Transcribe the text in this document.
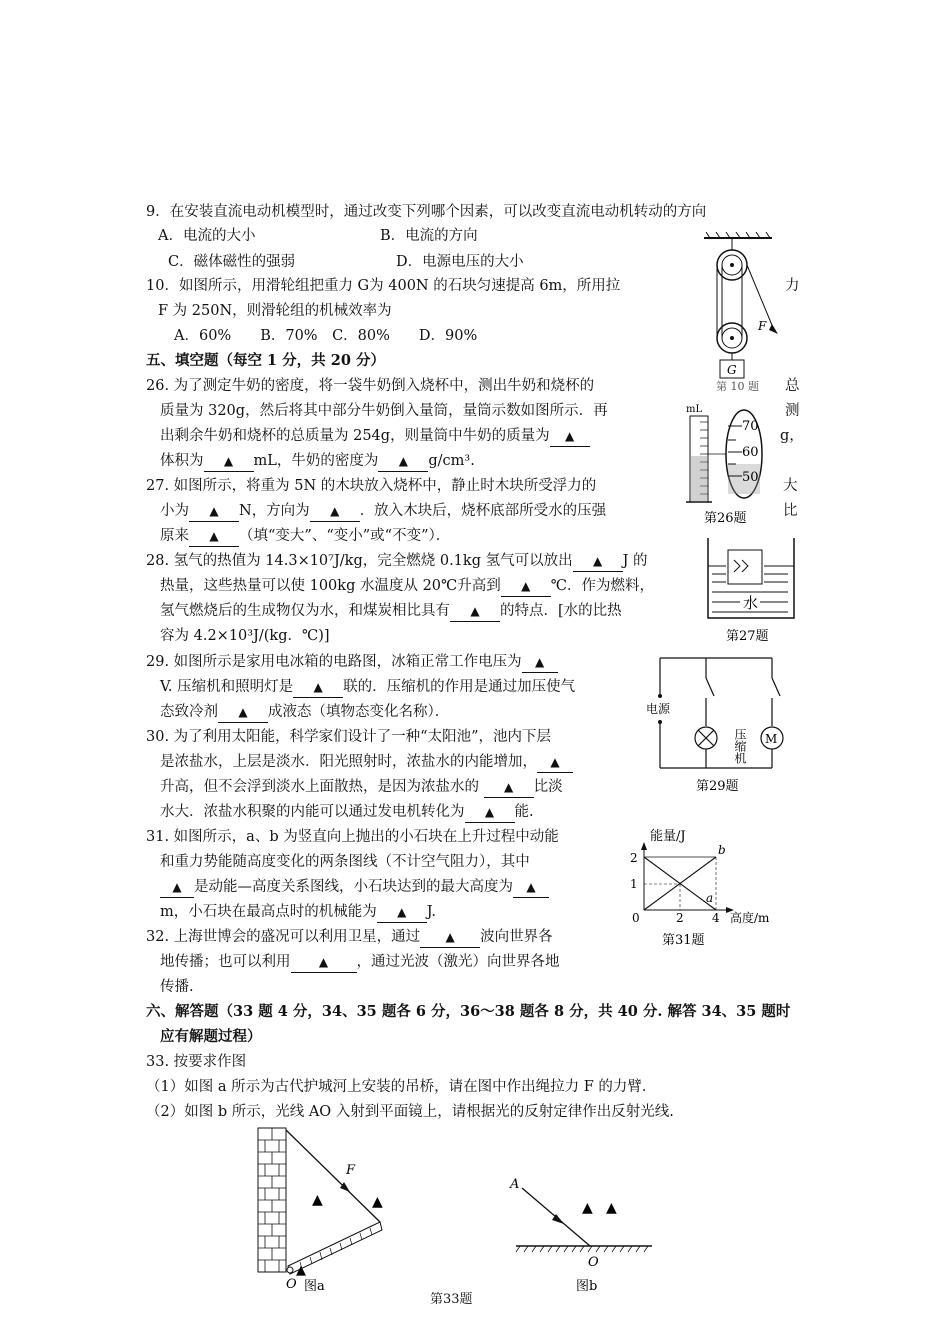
9．在安装直流电动机模型时，通过改变下列哪个因素，可以改变直流电动机转动的方向
A．电流的大小	B．电流的方向
C．磁体磁性的强弱	D．电源电压的大小
10．如图所示，用滑轮组把重力 G为 400N 的石块匀速提高 6m，所用拉	力
F 为 250N，则滑轮组的机械效率为
A．60%　　B．70%　C．80%　　D．90%
F
G
五、填空题（每空 1 分，共 20 分）
26. 为了测定牛奶的密度，将一袋牛奶倒入烧杯中，测出牛奶和烧杯的	总
质量为 320g，然后将其中部分牛奶倒入量筒，量筒示数如图所示．再	测
出剩余牛奶和烧杯的总质量为 254g，则量筒中牛奶的质量为 ▲	g，
体积为 ▲	mL，牛奶的密度为 ▲	g/cm³.
第 10 题
mL
70
60
50
第26题
27. 如图所示，将重为 5N 的木块放入烧杯中，静止时木块所受浮力的	大
小为 ▲	N，方向为 ▲	．放入木块后，烧杯底部所受水的压强	比
原来 ▲	（填“变大”、“变小”或“不变”）．
水
第27题
28. 氢气的热值为 14.3×10⁷J/kg，完全燃烧 0.1kg 氢气可以放出 ▲	J 的
热量，这些热量可以使 100kg 水温度从 20℃升高到 ▲	℃．作为燃料，
氢气燃烧后的生成物仅为水，和煤炭相比具有 ▲	的特点．[水的比热
容为 4.2×10³J/(kg．℃)]
29. 如图所示是家用电冰箱的电路图，冰箱正常工作电压为▲
V. 压缩机和照明灯是 ▲	联的．压缩机的作用是通过加压使气
态致冷剂 ▲	成液态（填物态变化名称）．	电源
M
压缩机
第29题
30. 为了利用太阳能，科学家们设计了一种“太阳池”，池内下层
是浓盐水，上层是淡水．阳光照射时，浓盐水的内能增加，▲
升高，但不会浮到淡水上面散热，是因为浓盐水的 ▲	比淡
水大．浓盐水积聚的内能可以通过发电机转化为 ▲	能.
31. 如图所示，a、b 为竖直向上抛出的小石块在上升过程中动能
和重力势能随高度变化的两条图线（不计空气阻力），其中
▲是动能—高度关系图线，小石块达到的最大高度为▲
m，小石块在最高点时的机械能为 ▲	J.
能量/J
b
a
2
1
0	2 4 高度/m
第31题
32. 上海世博会的盛况可以利用卫星，通过 ▲	波向世界各
地传播；也可以利用 ▲	，通过光波（激光）向世界各地
传播.
六、解答题（33 题 4 分，34、35 题各 6 分，36～38 题各 8 分，共 40 分. 解答 34、35 题时
应有解题过程）
33. 按要求作图
（1）如图 a 所示为古代护城河上安装的吊桥，请在图中作出绳拉力 F 的力臂．
（2）如图 b 所示，光线 AO 入射到平面镜上，请根据光的反射定律作出反射光线.
F
▲
▲	▲
O 图a
A
O
▲ ▲
图b
第33题
